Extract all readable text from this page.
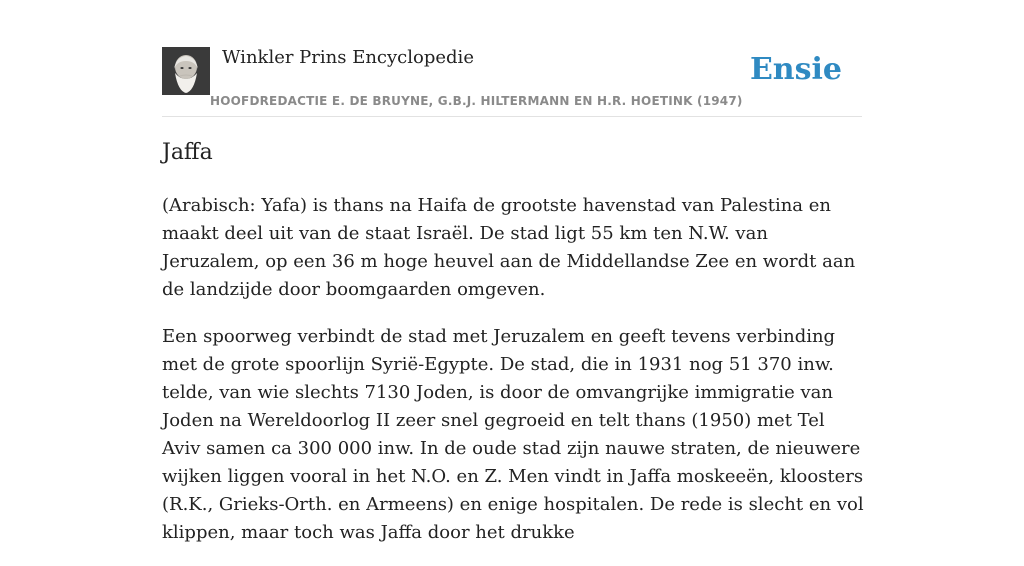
Winkler Prins Encyclopedie
HOOFDREDACTIE E. DE BRUYNE, G.B.J. HILTERMANN EN H.R. HOETINK (1947)
Ensie
Jaffa

(Arabisch: Yafa) is thans na Haifa de grootste havenstad van Palestina en maakt deel uit van de staat Israël. De stad ligt 55 km ten N.W. van Jeruzalem, op een 36 m hoge heuvel aan de Middellandse Zee en wordt aan de landzijde door boomgaarden omgeven.

Een spoorweg verbindt de stad met Jeruzalem en geeft tevens verbinding met de grote spoorlijn Syrië-Egypte. De stad, die in 1931 nog 51 370 inw. telde, van wie slechts 7130 Joden, is door de omvangrijke immigratie van Joden na Wereldoorlog II zeer snel gegroeid en telt thans (1950) met Tel Aviv samen ca 300 000 inw. In de oude stad zijn nauwe straten, de nieuwere wijken liggen vooral in het N.O. en Z. Men vindt in Jaffa moskeeën, kloosters (R.K., Grieks-Orth. en Armeens) en enige hospitalen. De rede is slecht en vol klippen, maar toch was Jaffa door het drukke
